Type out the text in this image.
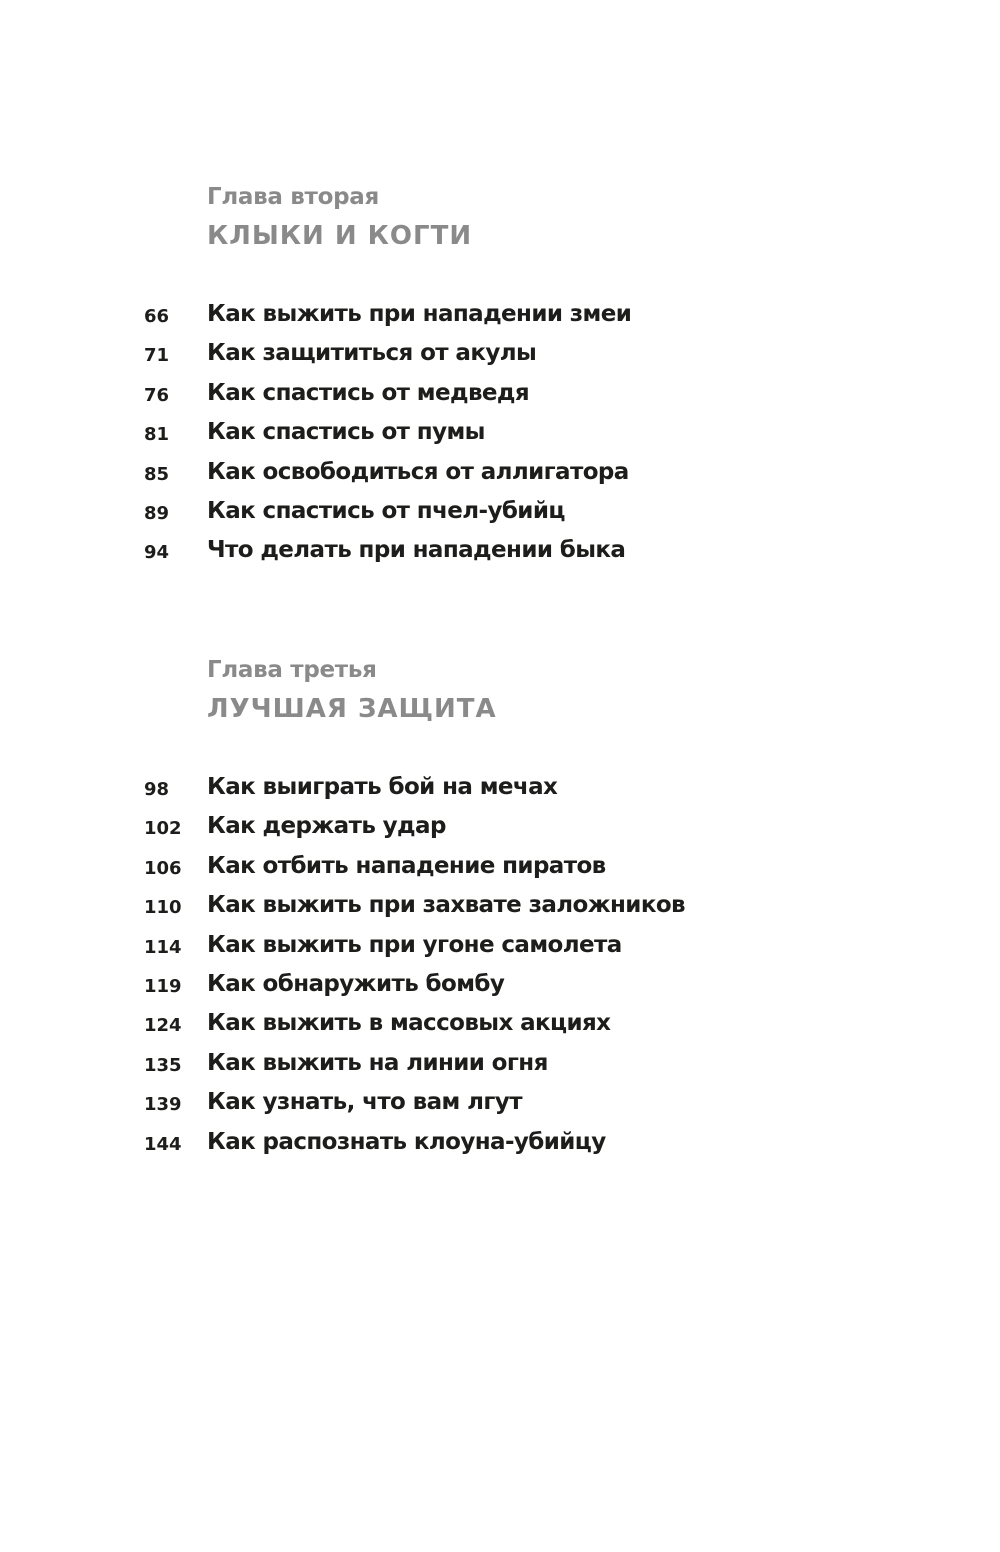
Глава вторая
КЛЫКИ И КОГТИ
66 Как выжить при нападении змеи
71 Как защититься от акулы
76 Как спастись от медведя
81 Как спастись от пумы
85 Как освободиться от аллигатора
89 Как спастись от пчел-убийц
94 Что делать при нападении быка
Глава третья
ЛУЧШАЯ ЗАЩИТА
98 Как выиграть бой на мечах
102 Как держать удар
106 Как отбить нападение пиратов
110 Как выжить при захвате заложников
114 Как выжить при угоне самолета
119 Как обнаружить бомбу
124 Как выжить в массовых акциях
135 Как выжить на линии огня
139 Как узнать, что вам лгут
144 Как распознать клоуна-убийцу
